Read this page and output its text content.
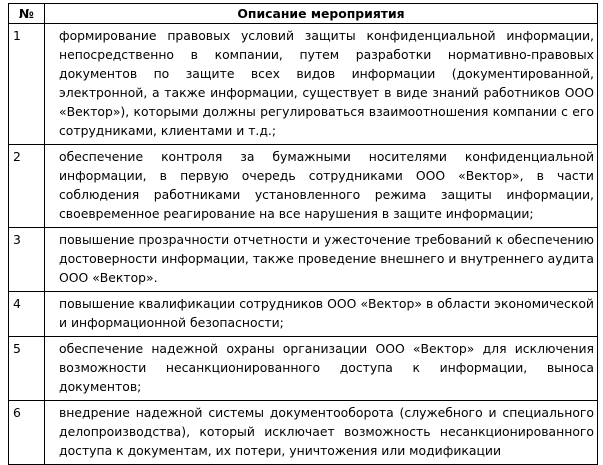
№	Описание мероприятия
1	формирование правовых условий защиты конфиденциальной информации, непосредственно в компании, путем разработки нормативно-правовых документов по защите всех видов информации (документированной, электронной, а также информации, существует в виде знаний работников ООО «Вектор»), которыми должны регулироваться взаимоотношения компании с его сотрудниками, клиентами и т.д.;
2	обеспечение контроля за бумажными носителями конфиденциальной информации, в первую очередь сотрудниками ООО «Вектор», в части соблюдения работниками установленного режима защиты информации, своевременное реагирование на все нарушения в защите информации;
3	повышение прозрачности отчетности и ужесточение требований к обеспечению достоверности информации, также проведение внешнего и внутреннего аудита ООО «Вектор».
4	повышение квалификации сотрудников ООО «Вектор» в области экономической и информационной безопасности;
5	обеспечение надежной охраны организации ООО «Вектор» для исключения возможности несанкционированного доступа к информации, выноса документов;
6	внедрение надежной системы документооборота (служебного и специального делопроизводства), который исключает возможность несанкционированного доступа к документам, их потери, уничтожения или модификации
